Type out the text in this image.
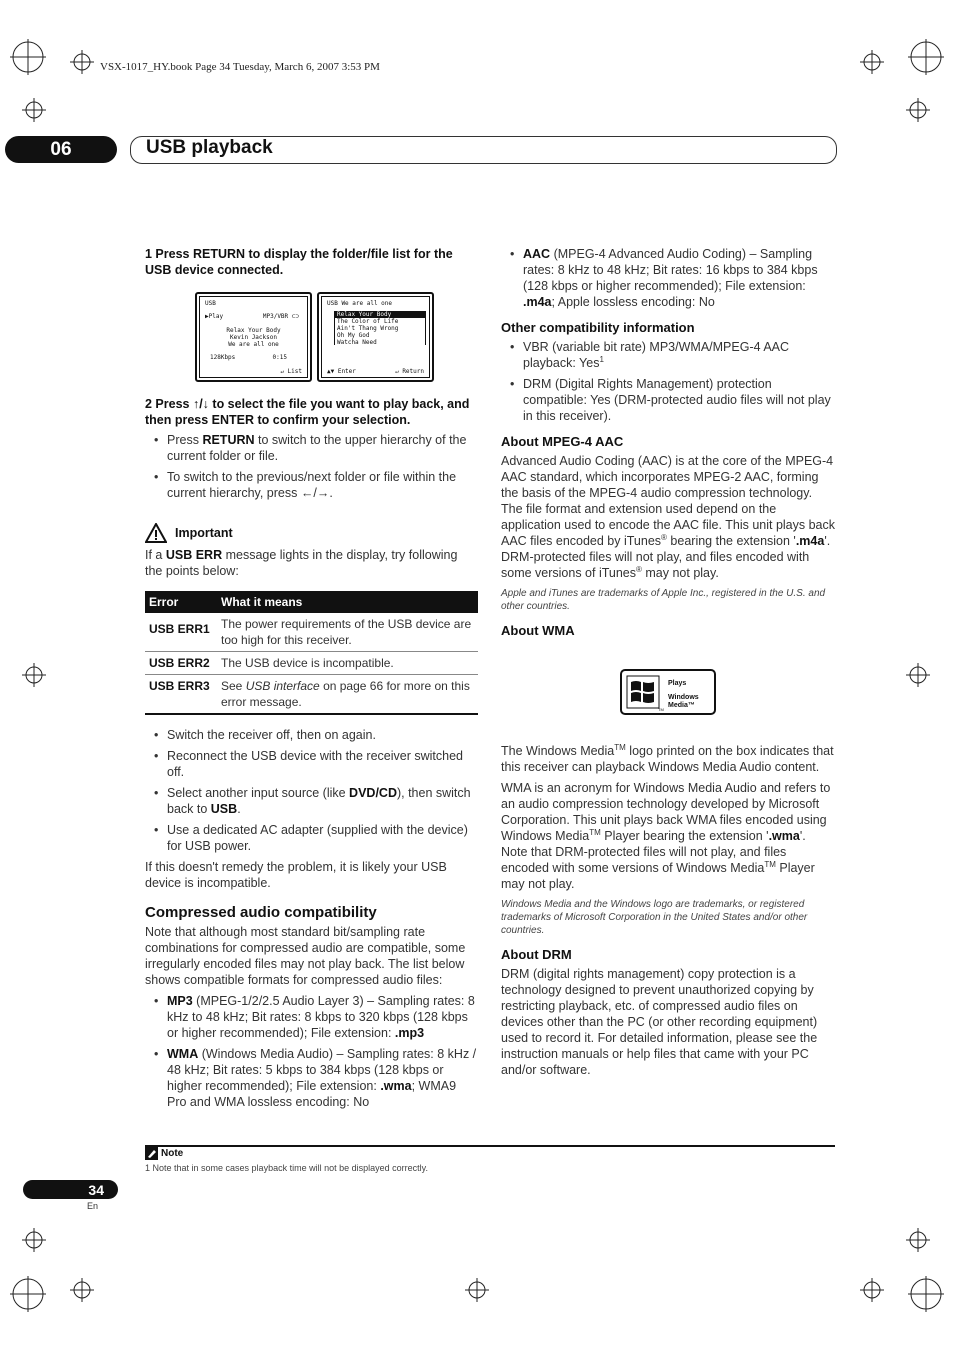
VSX-1017_HY.book Page 34 Tuesday, March 6, 2007 3:53 PM
06	USB playback

1 Press RETURN to display the folder/file list for the USB device connected.

USB
▶Play	MP3/VBR ⊂⊃
Relax Your Body
Kevin Jackson
We are all one
128Kbps	0:15
↵ List
USB We are all one
Relax Your Body
The Color of Life
Ain't Thang Wrong
Oh My God
Watcha Need
▲▼ Enter	↵ Return

2 Press ↑/↓ to select the file you want to play back, and then press ENTER to confirm your selection.

• Press RETURN to switch to the upper hierarchy of the current folder or file.
• To switch to the previous/next folder or file within the current hierarchy, press ←/→.
Important

If a USB ERR message lights in the display, try following the points below:

Error	What it means
USB ERR1	The power requirements of the USB device are too high for this receiver.
USB ERR2	The USB device is incompatible.
USB ERR3	See USB interface on page 66 for more on this error message.
• Switch the receiver off, then on again.
• Reconnect the USB device with the receiver switched off.
• Select another input source (like DVD/CD), then switch back to USB.
• Use a dedicated AC adapter (supplied with the device) for USB power.

If this doesn't remedy the problem, it is likely your USB device is incompatible.

Compressed audio compatibility

Note that although most standard bit/sampling rate combinations for compressed audio are compatible, some irregularly encoded files may not play back. The list below shows compatible formats for compressed audio files:

• MP3 (MPEG-1/2/2.5 Audio Layer 3) – Sampling rates: 8 kHz to 48 kHz; Bit rates: 8 kbps to 320 kbps (128 kbps or higher recommended); File extension: .mp3
• WMA (Windows Media Audio) – Sampling rates: 8 kHz / 48 kHz; Bit rates: 5 kbps to 384 kbps (128 kbps or higher recommended); File extension: .wma; WMA9 Pro and WMA lossless encoding: No
• AAC (MPEG-4 Advanced Audio Coding) – Sampling rates: 8 kHz to 48 kHz; Bit rates: 16 kbps to 384 kbps (128 kbps or higher recommended); File extension: .m4a; Apple lossless encoding: No
Other compatibility information
• VBR (variable bit rate) MP3/WMA/MPEG-4 AAC playback: Yes$^1$
• DRM (Digital Rights Management) protection compatible: Yes (DRM-protected audio files will not play in this receiver).
About MPEG-4 AAC

Advanced Audio Coding (AAC) is at the core of the MPEG-4 AAC standard, which incorporates MPEG-2 AAC, forming the basis of the MPEG-4 audio compression technology. The file format and extension used depend on the application used to encode the AAC file. This unit plays back AAC files encoded by iTunes® bearing the extension '.m4a'. DRM-protected files will not play, and files encoded with some versions of iTunes® may not play.

Apple and iTunes are trademarks of Apple Inc., registered in the U.S. and other countries.

About WMA
Plays
Windows
Media™
TM

The Windows Media™ logo printed on the box indicates that this receiver can playback Windows Media Audio content.

WMA is an acronym for Windows Media Audio and refers to an audio compression technology developed by Microsoft Corporation. This unit plays back WMA files encoded using Windows Media™ Player bearing the extension '.wma'. Note that DRM-protected files will not play, and files encoded with some versions of Windows Media™ Player may not play.

Windows Media and the Windows logo are trademarks, or registered trademarks of Microsoft Corporation in the United States and/or other countries.

About DRM

DRM (digital rights management) copy protection is a technology designed to prevent unauthorized copying by restricting playback, etc. of compressed audio files on devices other than the PC (or other recording equipment) used to record it. For detailed information, please see the instruction manuals or help files that came with your PC and/or software.

Note
1 Note that in some cases playback time will not be displayed correctly.
34
En
